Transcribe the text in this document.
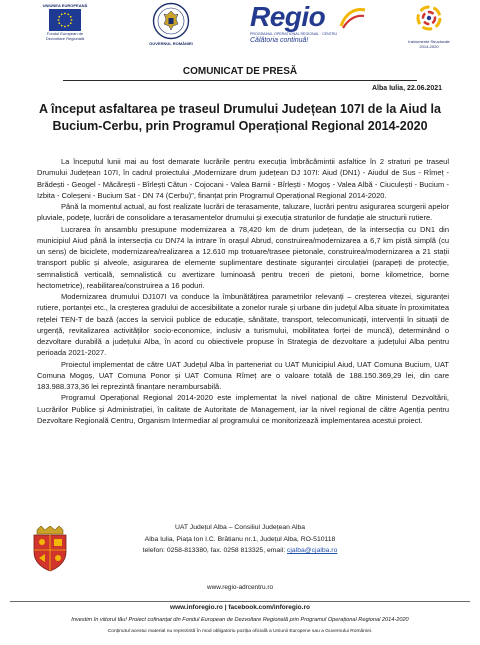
UNIUNEA EUROPEANĂ
Fondul European de
Dezvoltare Regională
GUVERNUL ROMÂNIEI
Regio
PROGRAMUL OPERAȚIONAL REGIONAL · CENTRU
Călătoria continuă!	Instrumente Structurale
2014-2020
COMUNICAT DE PRESĂ
Alba Iulia, 22.06.2021
A început asfaltarea pe traseul Drumului Județean 107I de la Aiud la
Bucium-Cerbu, prin Programul Operațional Regional 2014-2020

La începutul lunii mai au fost demarate lucrările pentru execuția îmbrăcămintii asfaltice în 2 straturi pe traseul Drumului Județean 107I, în cadrul proiectului „Modernizare drum județean DJ 107I: Aiud (DN1) - Aiudul de Sus - Rîmeț - Brădești - Geogel - Măcărești - Bîrlești Cătun - Cojocani - Valea Barnii - Bîrlești - Mogoș - Valea Albă - Ciuculești - Bucium - Izbita - Coleșeni - Bucium Sat - DN 74 (Cerbu)", finanțat prin Programul Operațional Regional 2014-2020.

Până la momentul actual, au fost realizate lucrări de terasamente, taluzare, lucrări pentru asigurarea scurgerii apelor pluviale, podețe, lucrări de consolidare a terasamentelor drumului și execuția straturilor de fundație ale structurii rutiere.

Lucrarea în ansamblu presupune modernizarea a 78,420 km de drum județean, de la intersecția cu DN1 din municipiul Aiud până la intersecția cu DN74 la intrare în orașul Abrud, construirea/modernizarea a 6,7 km pistă simplă (cu un sens) de biciclete, modernizarea/realizarea a 12.610 mp trotuare/trasee pietonale, construirea/modernizarea a 21 stații transport public și alveole, asigurarea de elemente suplimentare destinate siguranței circulației (parapeți de protecție, semnalistică verticală, semnalistică cu avertizare luminoasă pentru treceri de pietoni, borne kilometrice, borne hectometrice), reabilitarea/construirea a 16 poduri.

Modernizarea drumului DJ107I va conduce la îmbunătățirea parametrilor relevanți – creșterea vitezei, siguranței rutiere, portanței etc., la creșterea gradului de accesibilitate a zonelor rurale și urbane din județul Alba situate în proximitatea rețelei TEN-T de bază (acces la servicii publice de educație, sănătate, transport, telecomunicații, intervenții în situații de urgență, revitalizarea activităților socio-economice, inclusiv a turismului, mobilitatea forței de muncă), determinând o dezvoltare durabilă a județului Alba, în acord cu obiectivele propuse în Strategia de dezvoltare a județului Alba pentru perioada 2021-2027.

Proiectul implementat de către UAT Județul Alba în parteneriat cu UAT Municipiul Aiud, UAT Comuna Bucium, UAT Comuna Mogoș, UAT Comuna Ponor și UAT Comuna Rîmeț are o valoare totală de 188.150.369,29 lei, din care 183.988.373,36 lei reprezintă finanțare nerambursabilă.

Programul Operațional Regional 2014-2020 este implementat la nivel național de către Ministerul Dezvoltării, Lucrărilor Publice și Administrației, în calitate de Autoritate de Management, iar la nivel regional de către Agenția pentru Dezvoltare Regională Centru, Organism Intermediar al programului ce monitorizează implementarea acestui proiect.

UAT Județul Alba – Consiliul Județean Alba
Alba Iulia, Piața Ion I.C. Brătianu nr.1, Județul Alba, RO-510118
telefon: 0258-813380, fax. 0258 813325, email: cjalba@cjalba.ro
www.regio-adrcentru.ro
www.inforegio.ro | facebook.com/inforegio.ro
Investim în viitorul tău! Proiect cofinanțat din Fondul European de Dezvoltare Regională prin Programul Operațional Regional 2014-2020
Conținutul acestui material nu reprezintă în mod obligatoriu poziția oficială a Uniunii Europene sau a Guvernului României.
